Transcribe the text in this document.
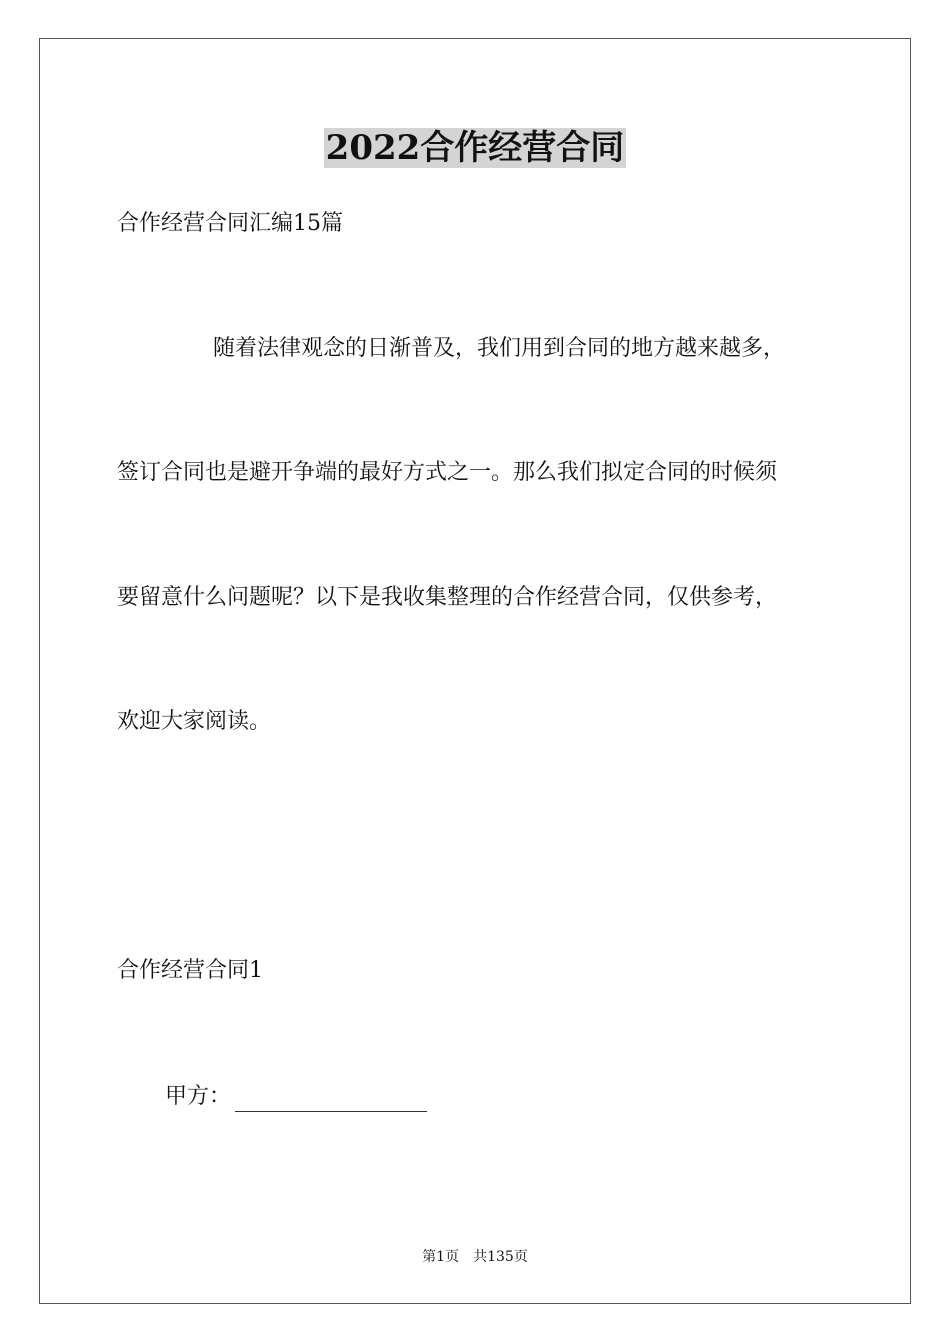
2022合作经营合同

合作经营合同汇编15篇

随着法律观念的日渐普及，我们用到合同的地方越来越多，

签订合同也是避开争端的最好方式之一。那么我们拟定合同的时候须

要留意什么问题呢？以下是我收集整理的合作经营合同，仅供参考，

欢迎大家阅读。

合作经营合同1

甲方：
第1页 共135页
